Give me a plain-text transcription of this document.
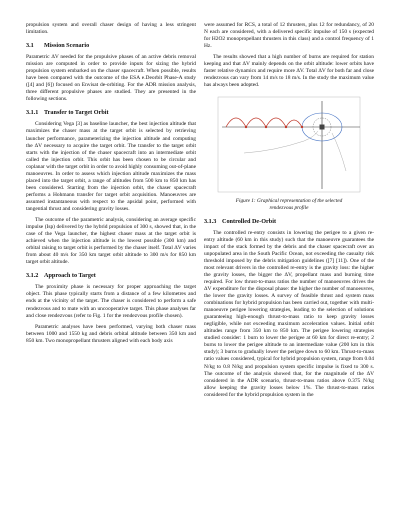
propulsion system and overall chaser design of having a less stringent limitation.

3.1 Mission Scenario

Parametric ΔV needed for the propulsive phases of an active debris removal mission are computed in order to provide inputs for sizing the hybrid propulsion system embarked on the chaser spacecraft. When possible, results have been compared with the outcome of the ESA e.Deorbit Phase-A study ([4] and [6]) focused on Envisat de-orbiting. For the ADR mission analysis, three different propulsive phases are studied. They are presented in the following sections.

3.1.1 Transfer to Target Orbit

Considering Vega [3] as baseline launcher, the best injection altitude that maximizes the chaser mass at the target orbit is selected by retrieving launcher performance, parameterizing the injection altitude and computing the ΔV necessary to acquire the target orbit. The transfer to the target orbit starts with the injection of the chaser spacecraft into an intermediate orbit called the injection orbit. This orbit has been chosen to be circular and coplanar with the target orbit in order to avoid highly consuming out-of-plane manoeuvres. In order to assess which injection altitude maximizes the mass placed into the target orbit, a range of altitudes from 500 km to 850 km has been considered. Starting from the injection orbit, the chaser spacecraft performs a Hohmann transfer for target orbit acquisition. Manoeuvres are assumed instantaneous with respect to the apsidal point, performed with tangential thrust and considering gravity losses.

The outcome of the parametric analysis, considering an average specific impulse (Isp) delivered by the hybrid propulsion of 300 s, showed that, in the case of the Vega launcher, the highest chaser mass at the target orbit is achieved when the injection altitude is the lowest possible (300 km) and orbital raising to target orbit is performed by the chaser itself. Total ΔV varies from about 40 m/s for 350 km target orbit altitude to 300 m/s for 850 km target orbit altitude.

3.1.2 Approach to Target

The proximity phase is necessary for proper approaching the target object. This phase typically starts from a distance of a few kilometres and ends at the vicinity of the target. The chaser is considered to perform a safe rendezvous and to mate with an uncooperative target. This phase analyses far and close rendezvous (refer to Fig. 1 for the rendezvous profile chosen).

Parametric analyses have been performed, varying both chaser mass between 1000 and 1550 kg and debris orbital altitude between 350 km and 850 km. Two monopropellant thrusters aligned with each body axis

were assumed for RCS, a total of 12 thrusters, plus 12 for redundancy, of 20 N each are considered, with a delivered specific impulse of 150 s (expected for H2O2 monopropellant thrusters in this class) and a control frequency of 1 Hz.

The results showed that a high number of burns are required for station keeping and that ΔV mainly depends on the orbit altitude: lower orbits have faster relative dynamics and require more ΔV. Total ΔV for both far and close rendezvous can vary from 14 m/s to 18 m/s. In the study the maximum value has always been adopted.

Figure 1: Graphical representation of the selected
rendezvous profile
3.1.3 Controlled De-Orbit

The controlled re-entry consists in lowering the perigee to a given re-entry altitude (60 km in this study) such that the manoeuvre guarantees the impact of the stack formed by the debris and the chaser spacecraft over an unpopulated area in the South Pacific Ocean, not exceeding the casualty risk threshold imposed by the debris mitigation guidelines ([7] [11]). One of the most relevant drivers in the controlled re-entry is the gravity loss: the higher the gravity losses, the bigger the ΔV, propellant mass and burning time required. For low thrust-to-mass ratios the number of manoeuvres drives the ΔV expenditure for the disposal phase: the higher the number of manoeuvres, the lower the gravity losses. A survey of feasible thrust and system mass combinations for hybrid propulsion has been carried out, together with multi-manoeuvre perigee lowering strategies, leading to the selection of solutions guaranteeing high-enough thrust-to-mass ratio to keep gravity losses negligible, while not exceeding maximum acceleration values. Initial orbit altitudes range from 350 km to 850 km. The perigee lowering strategies studied consider: 1 burn to lower the perigee at 60 km for direct re-entry; 2 burns to lower the perigee altitude to an intermediate value (200 km in this study); 3 burns to gradually lower the perigee down to 60 km. Thrust-to-mass ratio values considered, typical for hybrid propulsion system, range from 0.04 N/kg to 0.8 N/kg and propulsion system specific impulse is fixed to 300 s. The outcome of the analysis showed that, for the magnitude of the ΔV considered in the ADR scenario, thrust-to-mass ratios above 0.375 N/kg allow keeping the gravity losses below 1%. The thrust-to-mass ratios considered for the hybrid propulsion system in the
